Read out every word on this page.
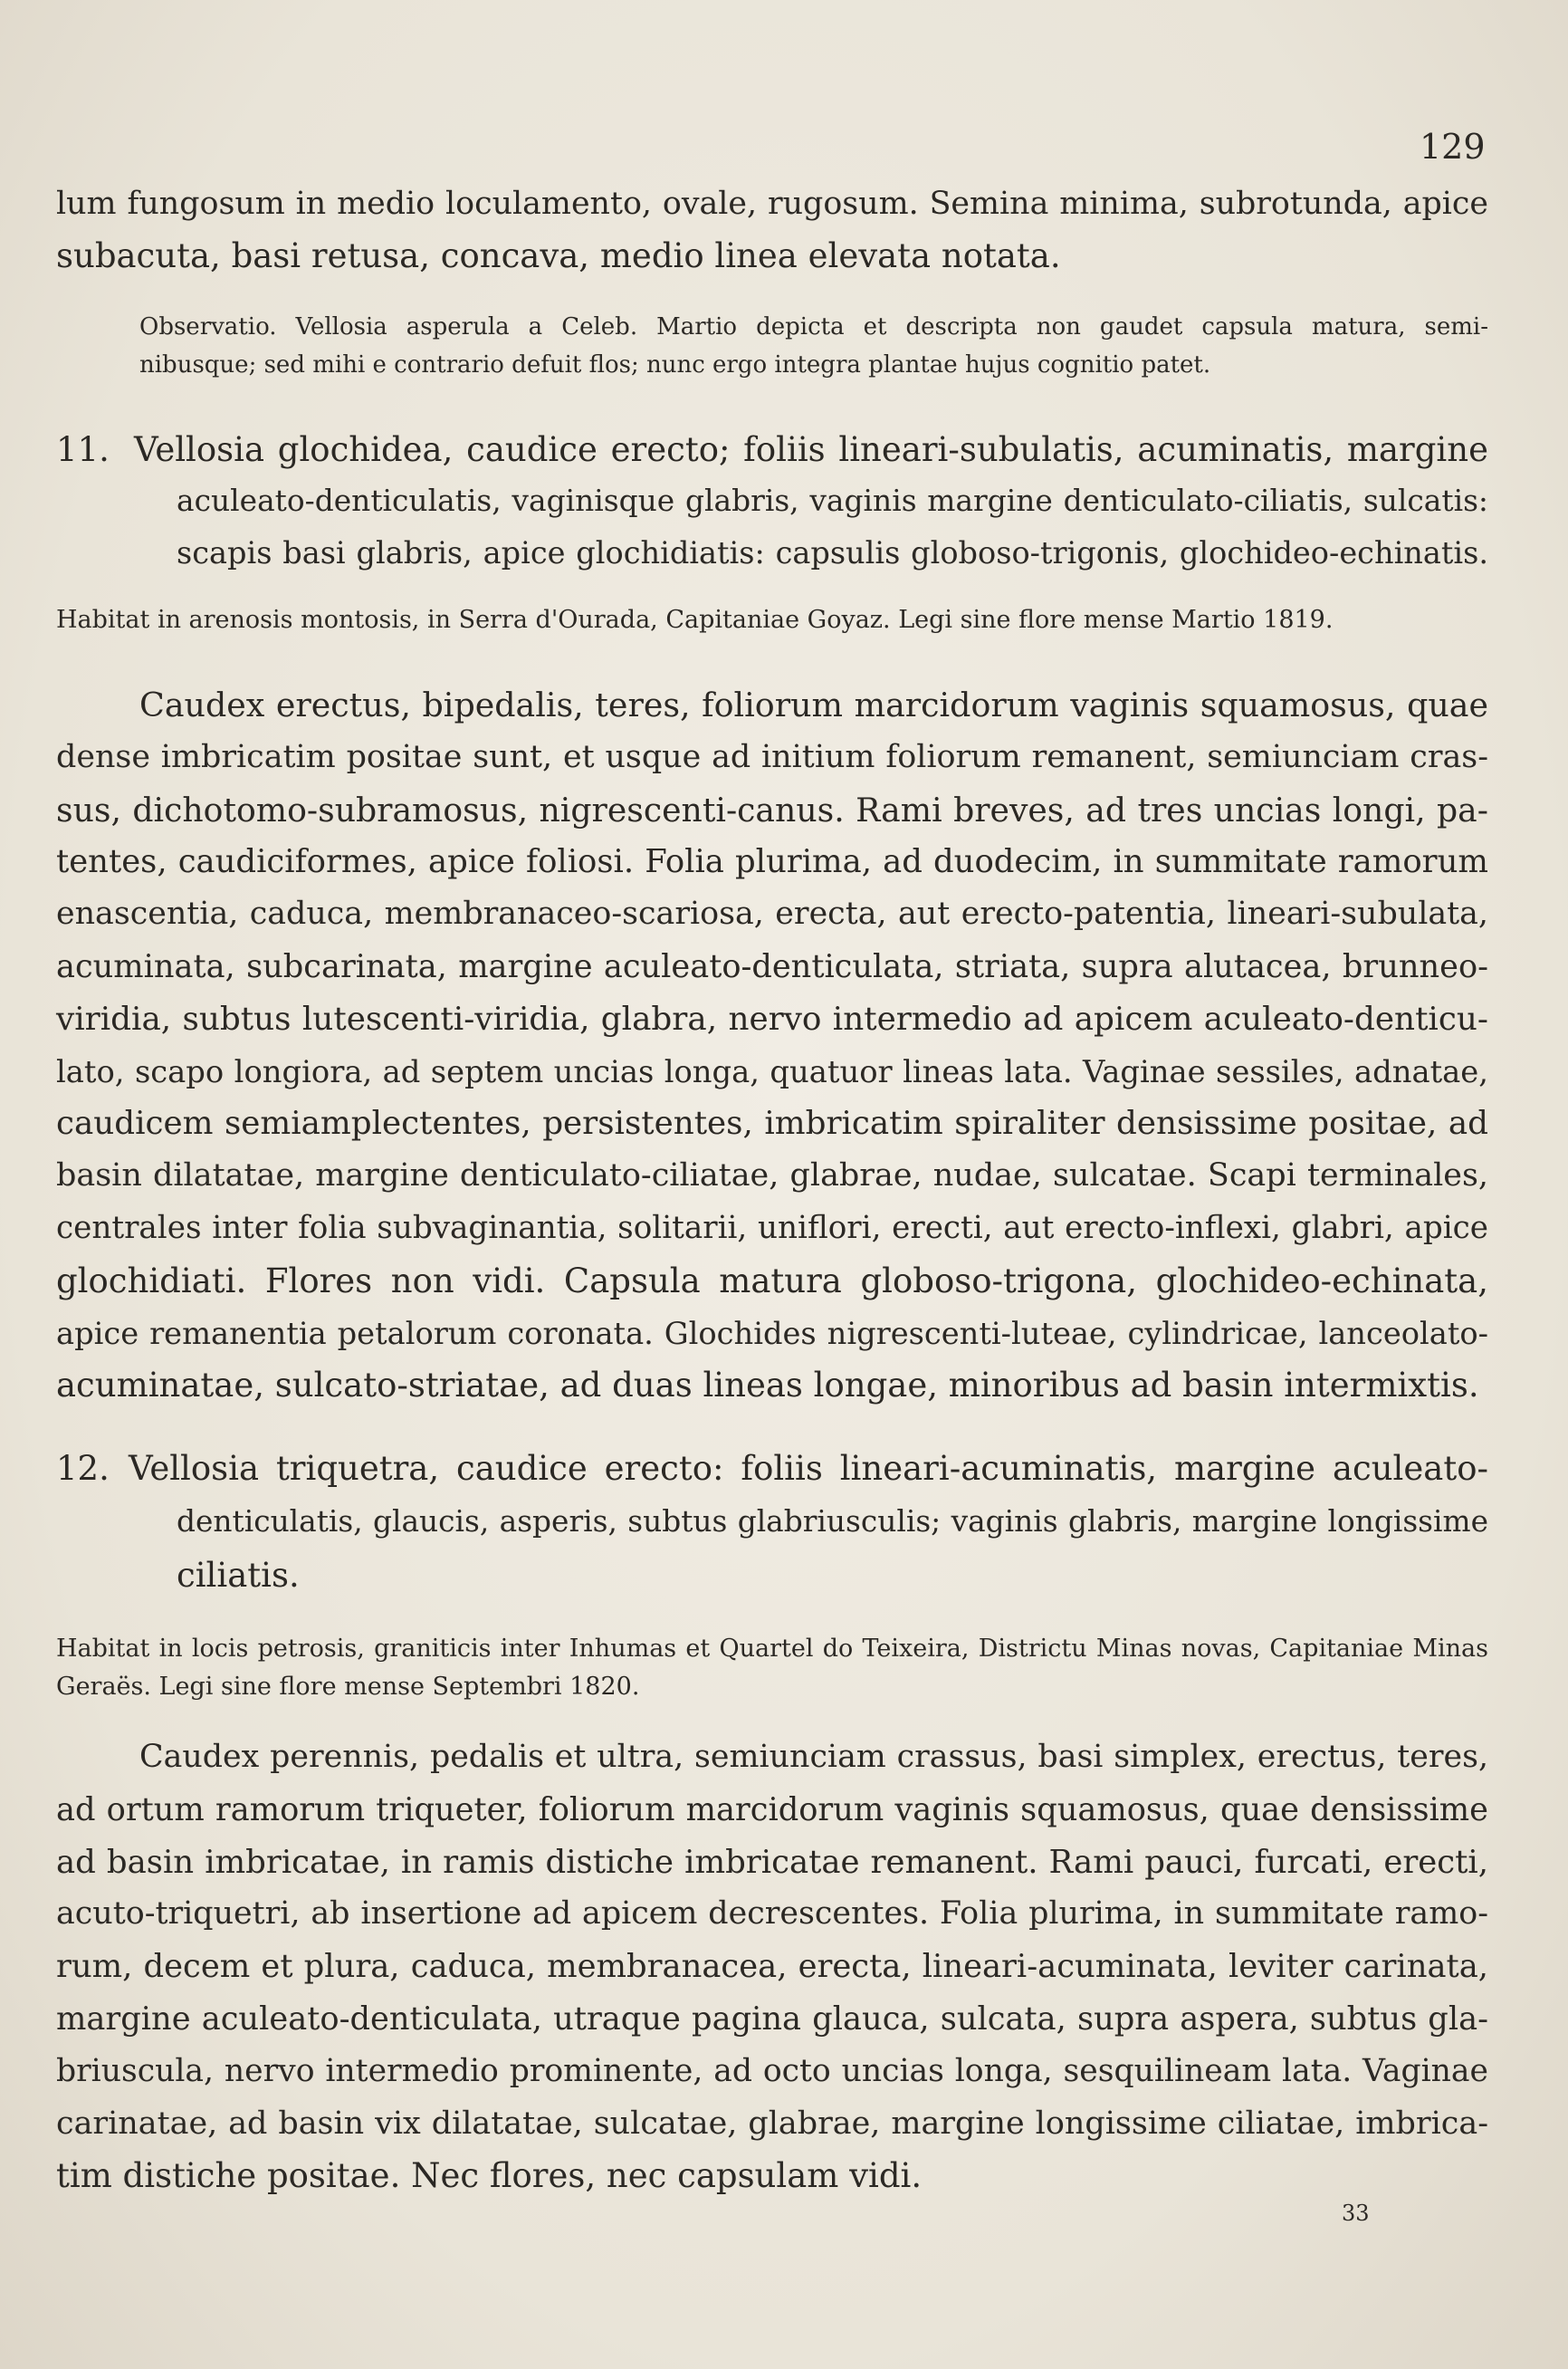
129
lum fungosum in medio loculamento, ovale, rugosum. Semina minima, subrotunda, apice
subacuta, basi retusa, concava, medio linea elevata notata.
Observatio. Vellosia asperula a Celeb. Martio depicta et descripta non gaudet capsula matura, semi-
nibusque; sed mihi e contrario defuit flos; nunc ergo integra plantae hujus cognitio patet.
11. Vellosia glochidea, caudice erecto; foliis lineari-subulatis, acuminatis, margine
aculeato-denticulatis, vaginisque glabris, vaginis margine denticulato-ciliatis, sulcatis:
scapis basi glabris, apice glochidiatis: capsulis globoso-trigonis, glochideo-echinatis.
Habitat in arenosis montosis, in Serra d'Ourada, Capitaniae Goyaz. Legi sine flore mense Martio 1819.
Caudex erectus, bipedalis, teres, foliorum marcidorum vaginis squamosus, quae
dense imbricatim positae sunt, et usque ad initium foliorum remanent, semiunciam cras-
sus, dichotomo-subramosus, nigrescenti-canus. Rami breves, ad tres uncias longi, pa-
tentes, caudiciformes, apice foliosi. Folia plurima, ad duodecim, in summitate ramorum
enascentia, caduca, membranaceo-scariosa, erecta, aut erecto-patentia, lineari-subulata,
acuminata, subcarinata, margine aculeato-denticulata, striata, supra alutacea, brunneo-
viridia, subtus lutescenti-viridia, glabra, nervo intermedio ad apicem aculeato-denticu-
lato, scapo longiora, ad septem uncias longa, quatuor lineas lata. Vaginae sessiles, adnatae,
caudicem semiamplectentes, persistentes, imbricatim spiraliter densissime positae, ad
basin dilatatae, margine denticulato-ciliatae, glabrae, nudae, sulcatae. Scapi terminales,
centrales inter folia subvaginantia, solitarii, uniflori, erecti, aut erecto-inflexi, glabri, apice
glochidiati. Flores non vidi. Capsula matura globoso-trigona, glochideo-echinata,
apice remanentia petalorum coronata. Glochides nigrescenti-luteae, cylindricae, lanceolato-
acuminatae, sulcato-striatae, ad duas lineas longae, minoribus ad basin intermixtis.
12. Vellosia triquetra, caudice erecto: foliis lineari-acuminatis, margine aculeato-
denticulatis, glaucis, asperis, subtus glabriusculis; vaginis glabris, margine longissime
ciliatis.
Habitat in locis petrosis, graniticis inter Inhumas et Quartel do Teixeira, Districtu Minas novas, Capitaniae Minas
Geraës. Legi sine flore mense Septembri 1820.
Caudex perennis, pedalis et ultra, semiunciam crassus, basi simplex, erectus, teres,
ad ortum ramorum triqueter, foliorum marcidorum vaginis squamosus, quae densissime
ad basin imbricatae, in ramis distiche imbricatae remanent. Rami pauci, furcati, erecti,
acuto-triquetri, ab insertione ad apicem decrescentes. Folia plurima, in summitate ramo-
rum, decem et plura, caduca, membranacea, erecta, lineari-acuminata, leviter carinata,
margine aculeato-denticulata, utraque pagina glauca, sulcata, supra aspera, subtus gla-
briuscula, nervo intermedio prominente, ad octo uncias longa, sesquilineam lata. Vaginae
carinatae, ad basin vix dilatatae, sulcatae, glabrae, margine longissime ciliatae, imbrica-
tim distiche positae. Nec flores, nec capsulam vidi.
33
